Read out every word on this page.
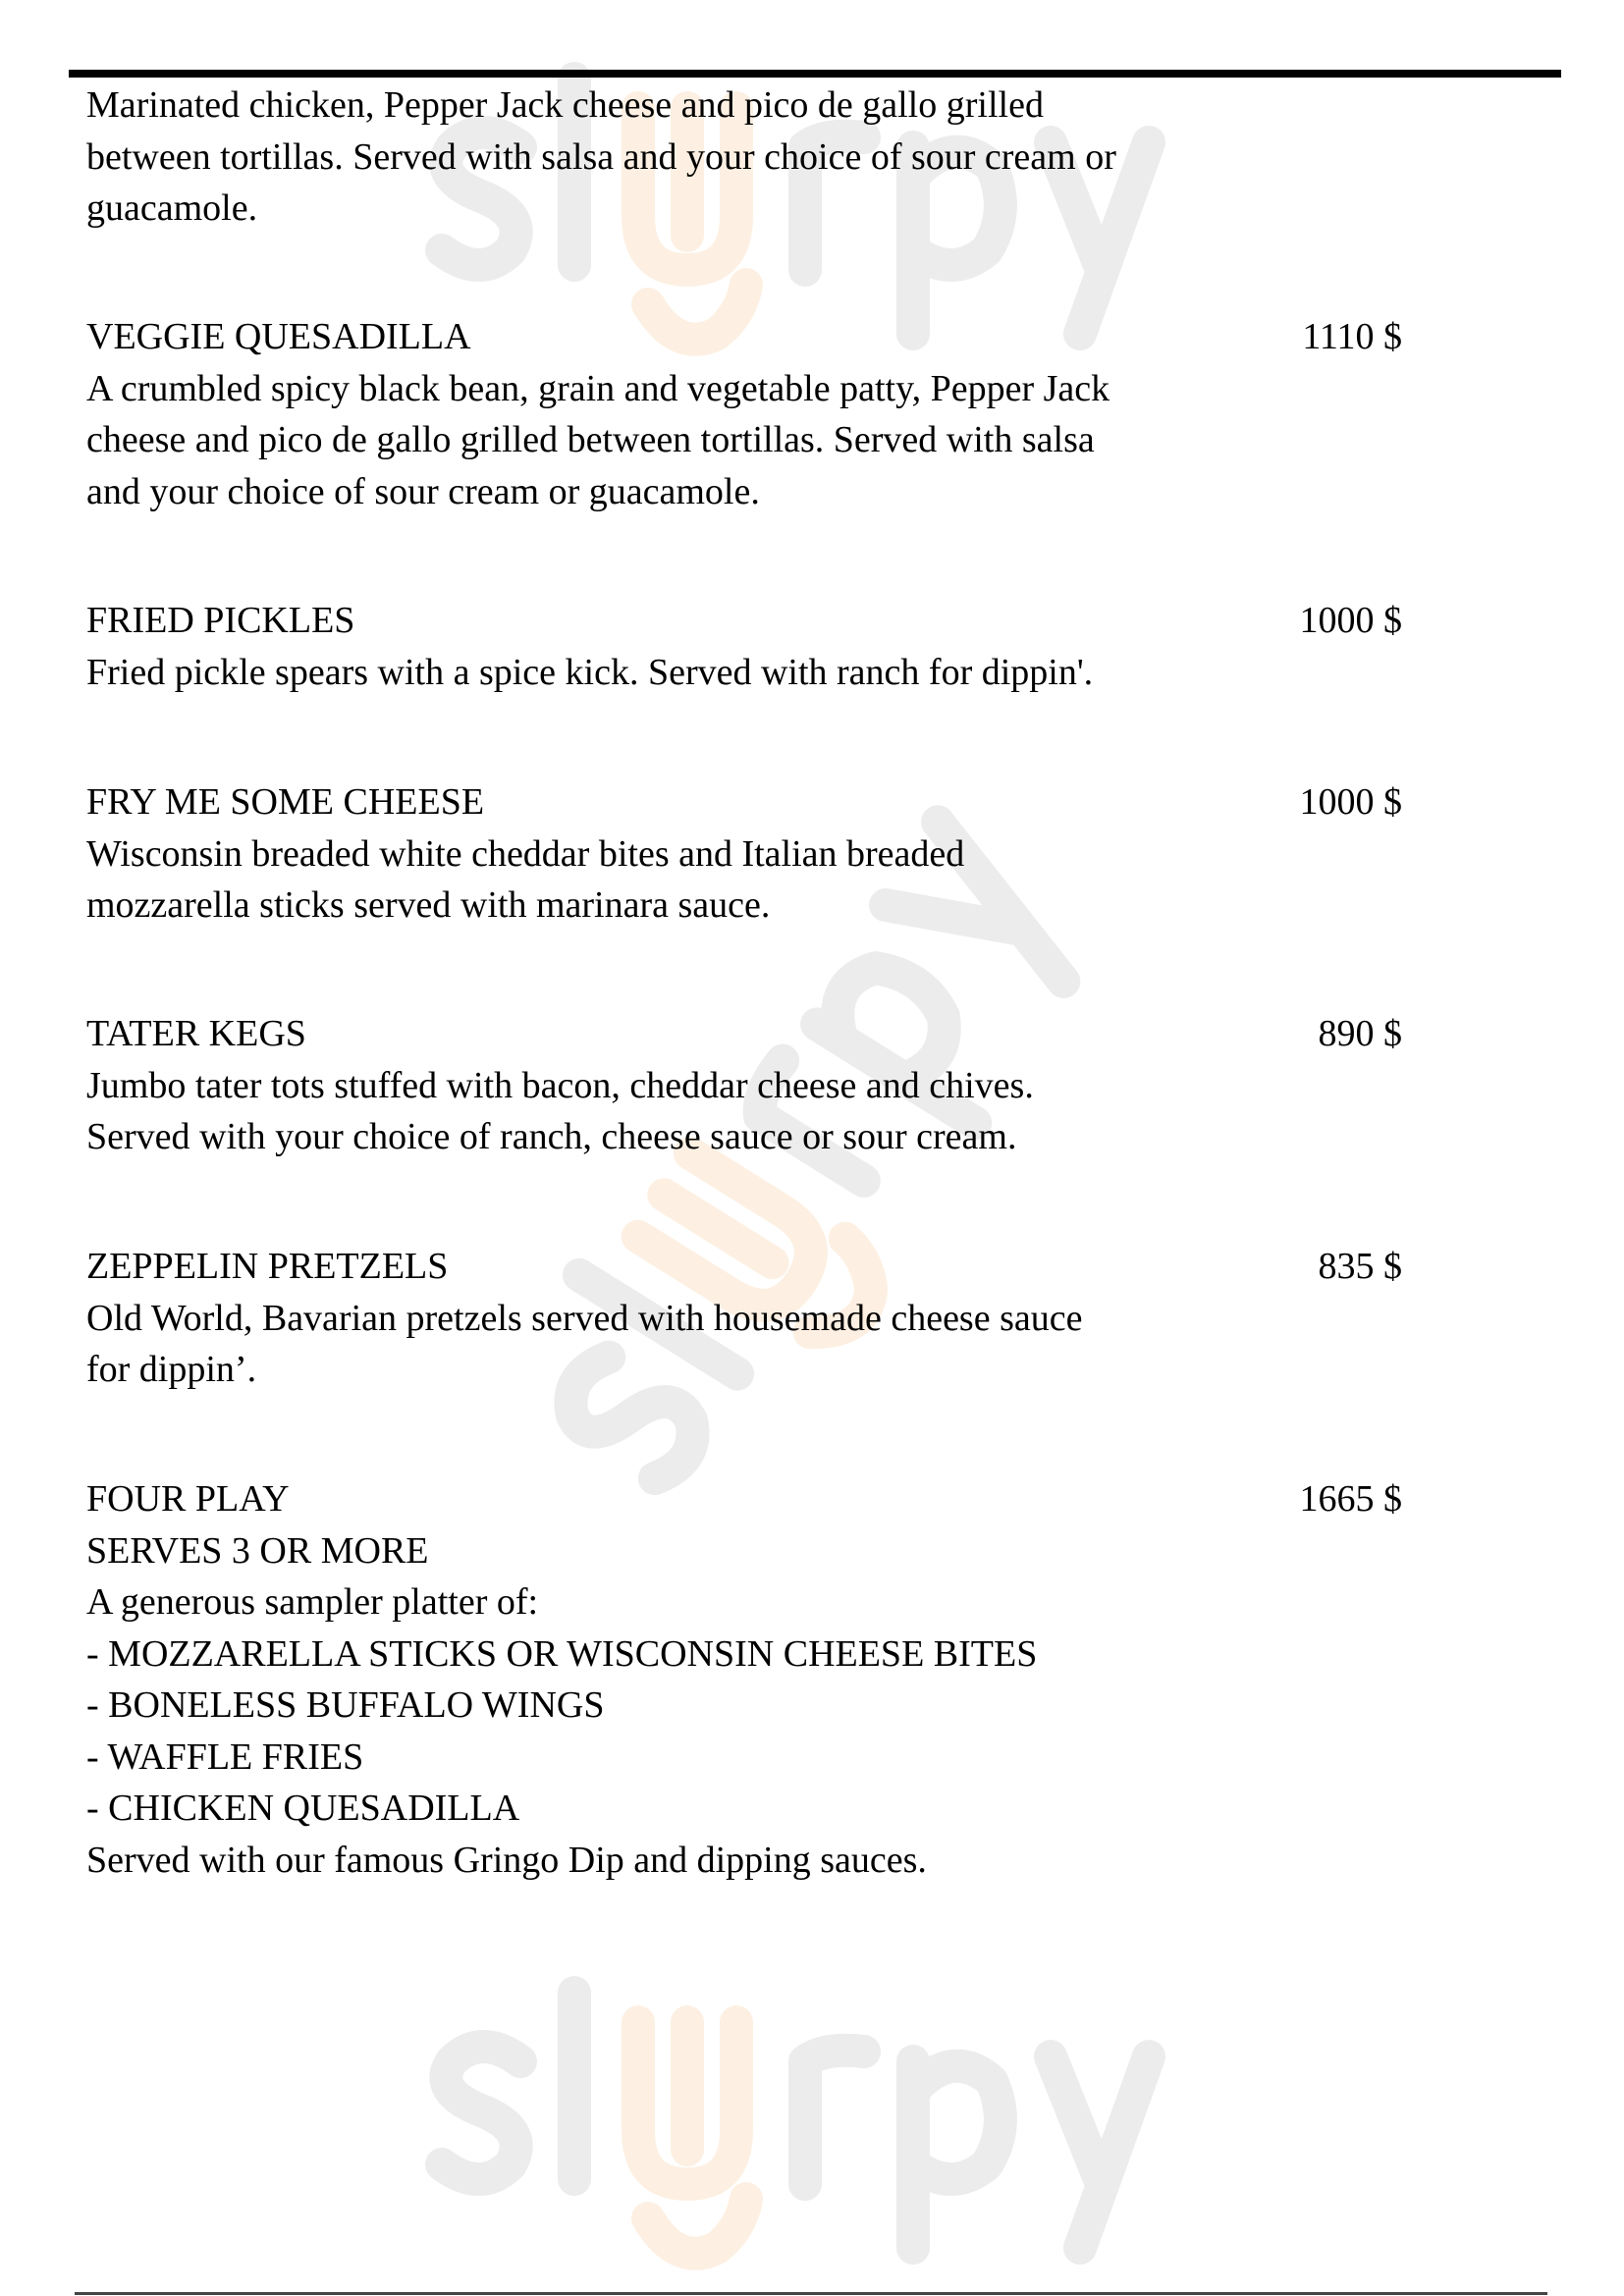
Marinated chicken, Pepper Jack cheese and pico de gallo grilled
between tortillas. Served with salsa and your choice of sour cream or
guacamole.
VEGGIE QUESADILLA	1110 $
A crumbled spicy black bean, grain and vegetable patty, Pepper Jack
cheese and pico de gallo grilled between tortillas. Served with salsa
and your choice of sour cream or guacamole.
FRIED PICKLES	1000 $
Fried pickle spears with a spice kick. Served with ranch for dippin'.
FRY ME SOME CHEESE	1000 $
Wisconsin breaded white cheddar bites and Italian breaded
mozzarella sticks served with marinara sauce.
TATER KEGS	890 $
Jumbo tater tots stuffed with bacon, cheddar cheese and chives.
Served with your choice of ranch, cheese sauce or sour cream.
ZEPPELIN PRETZELS	835 $
Old World, Bavarian pretzels served with housemade cheese sauce
for dippin’.
FOUR PLAY	1665 $
SERVES 3 OR MORE
A generous sampler platter of:
- MOZZARELLA STICKS OR WISCONSIN CHEESE BITES
- BONELESS BUFFALO WINGS
- WAFFLE FRIES
- CHICKEN QUESADILLA
Served with our famous Gringo Dip and dipping sauces.
